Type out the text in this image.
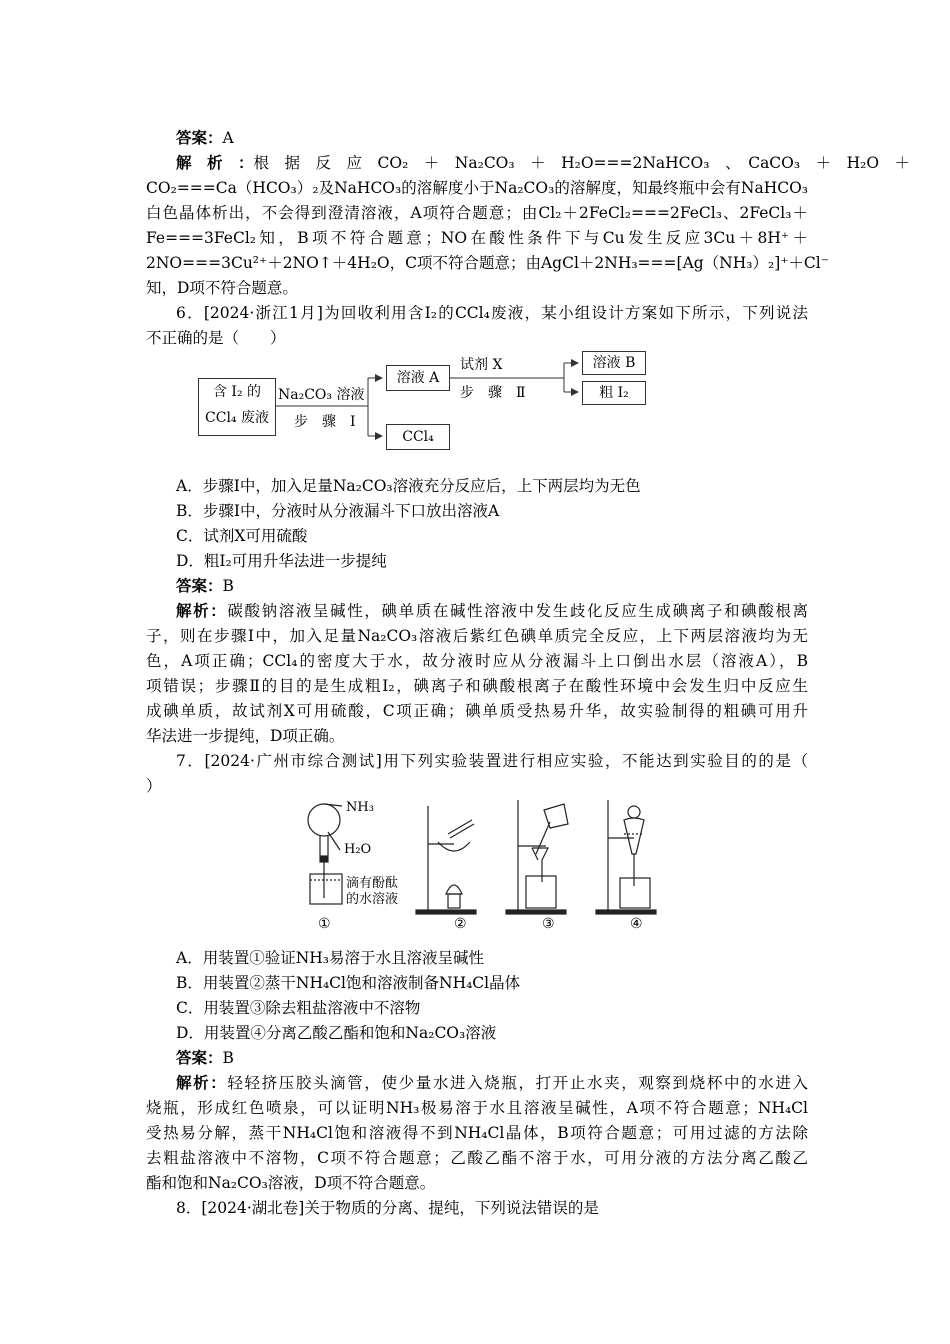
答案：A
解　析　：根　据　反　应　CO₂　＋　Na₂CO₃　＋　H₂O===2NaHCO₃　、　CaCO₃　＋　H₂O　＋
CO₂===Ca（HCO₃）₂及NaHCO₃的溶解度小于Na₂CO₃的溶解度，知最终瓶中会有NaHCO₃
白色晶体析出，不会得到澄清溶液，A项符合题意；由Cl₂＋2FeCl₂===2FeCl₃、2FeCl₃＋
Fe===3FeCl₂知，B项不符合题意；NO在酸性条件下与Cu发生反应3Cu＋8H⁺＋
2NO===3Cu²⁺＋2NO↑＋4H₂O，C项不符合题意；由AgCl＋2NH₃===[Ag（NH₃）₂]⁺＋Cl⁻
知，D项不符合题意。
6．[2024·浙江1月]为回收利用含I₂的CCl₄废液，某小组设计方案如下所示，下列说法
不正确的是（　　）
含 I₂ 的
CCl₄ 废液
Na₂CO₃ 溶液
步　骤　Ⅰ
溶液 A
CCl₄
试剂 X
步　骤　Ⅱ
溶液 B
粗 I₂
A．步骤Ⅰ中，加入足量Na₂CO₃溶液充分反应后，上下两层均为无色
B．步骤Ⅰ中，分液时从分液漏斗下口放出溶液A
C．试剂X可用硫酸
D．粗I₂可用升华法进一步提纯
答案：B
解析：碳酸钠溶液呈碱性，碘单质在碱性溶液中发生歧化反应生成碘离子和碘酸根离
子，则在步骤Ⅰ中，加入足量Na₂CO₃溶液后紫红色碘单质完全反应，上下两层溶液均为无
色，A项正确；CCl₄的密度大于水，故分液时应从分液漏斗上口倒出水层（溶液A），B
项错误；步骤Ⅱ的目的是生成粗I₂，碘离子和碘酸根离子在酸性环境中会发生归中反应生
成碘单质，故试剂X可用硫酸，C项正确；碘单质受热易升华，故实验制得的粗碘可用升
华法进一步提纯，D项正确。
7．[2024·广州市综合测试]用下列实验装置进行相应实验，不能达到实验目的的是（
）
NH₃
H₂O
滴有酚酞
的水溶液
①	②	③	④
A．用装置①验证NH₃易溶于水且溶液呈碱性
B．用装置②蒸干NH₄Cl饱和溶液制备NH₄Cl晶体
C．用装置③除去粗盐溶液中不溶物
D．用装置④分离乙酸乙酯和饱和Na₂CO₃溶液
答案：B
解析：轻轻挤压胶头滴管，使少量水进入烧瓶，打开止水夹，观察到烧杯中的水进入
烧瓶，形成红色喷泉，可以证明NH₃极易溶于水且溶液呈碱性，A项不符合题意；NH₄Cl
受热易分解，蒸干NH₄Cl饱和溶液得不到NH₄Cl晶体，B项符合题意；可用过滤的方法除
去粗盐溶液中不溶物，C项不符合题意；乙酸乙酯不溶于水，可用分液的方法分离乙酸乙
酯和饱和Na₂CO₃溶液，D项不符合题意。
8．[2024·湖北卷]关于物质的分离、提纯，下列说法错误的是
